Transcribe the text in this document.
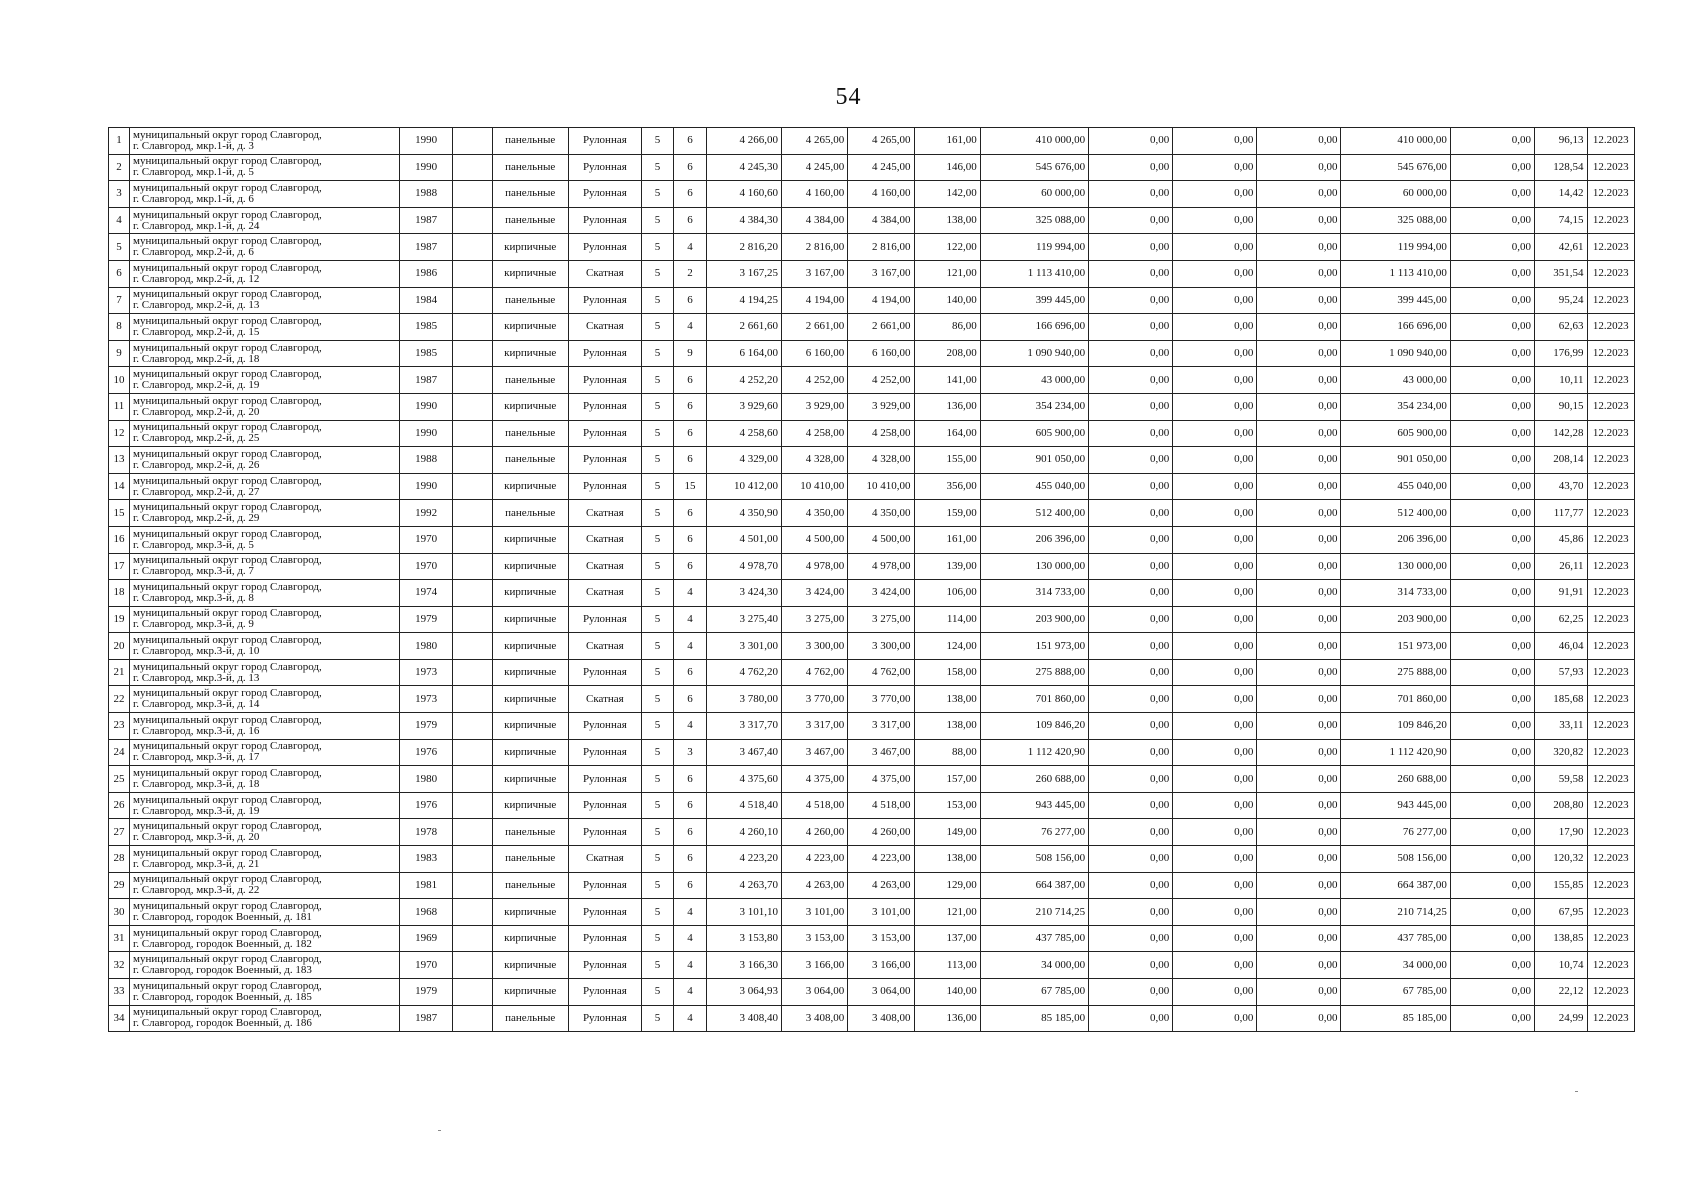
54
1	муниципальный округ город Славгород,
г. Славгород, мкр.1-й, д. 3	1990		панельные	Рулонная	5	6	4 266,00	4 265,00	4 265,00	161,00	410 000,00	0,00	0,00	0,00	410 000,00	0,00	96,13	12.2023
2	муниципальный округ город Славгород,
г. Славгород, мкр.1-й, д. 5	1990		панельные	Рулонная	5	6	4 245,30	4 245,00	4 245,00	146,00	545 676,00	0,00	0,00	0,00	545 676,00	0,00	128,54	12.2023
3	муниципальный округ город Славгород,
г. Славгород, мкр.1-й, д. 6	1988		панельные	Рулонная	5	6	4 160,60	4 160,00	4 160,00	142,00	60 000,00	0,00	0,00	0,00	60 000,00	0,00	14,42	12.2023
4	муниципальный округ город Славгород,
г. Славгород, мкр.1-й, д. 24	1987		панельные	Рулонная	5	6	4 384,30	4 384,00	4 384,00	138,00	325 088,00	0,00	0,00	0,00	325 088,00	0,00	74,15	12.2023
5	муниципальный округ город Славгород,
г. Славгород, мкр.2-й, д. 6	1987		кирпичные	Рулонная	5	4	2 816,20	2 816,00	2 816,00	122,00	119 994,00	0,00	0,00	0,00	119 994,00	0,00	42,61	12.2023
6	муниципальный округ город Славгород,
г. Славгород, мкр.2-й, д. 12	1986		кирпичные	Скатная	5	2	3 167,25	3 167,00	3 167,00	121,00	1 113 410,00	0,00	0,00	0,00	1 113 410,00	0,00	351,54	12.2023
7	муниципальный округ город Славгород,
г. Славгород, мкр.2-й, д. 13	1984		панельные	Рулонная	5	6	4 194,25	4 194,00	4 194,00	140,00	399 445,00	0,00	0,00	0,00	399 445,00	0,00	95,24	12.2023
8	муниципальный округ город Славгород,
г. Славгород, мкр.2-й, д. 15	1985		кирпичные	Скатная	5	4	2 661,60	2 661,00	2 661,00	86,00	166 696,00	0,00	0,00	0,00	166 696,00	0,00	62,63	12.2023
9	муниципальный округ город Славгород,
г. Славгород, мкр.2-й, д. 18	1985		кирпичные	Рулонная	5	9	6 164,00	6 160,00	6 160,00	208,00	1 090 940,00	0,00	0,00	0,00	1 090 940,00	0,00	176,99	12.2023
10	муниципальный округ город Славгород,
г. Славгород, мкр.2-й, д. 19	1987		панельные	Рулонная	5	6	4 252,20	4 252,00	4 252,00	141,00	43 000,00	0,00	0,00	0,00	43 000,00	0,00	10,11	12.2023
11	муниципальный округ город Славгород,
г. Славгород, мкр.2-й, д. 20	1990		кирпичные	Рулонная	5	6	3 929,60	3 929,00	3 929,00	136,00	354 234,00	0,00	0,00	0,00	354 234,00	0,00	90,15	12.2023
12	муниципальный округ город Славгород,
г. Славгород, мкр.2-й, д. 25	1990		панельные	Рулонная	5	6	4 258,60	4 258,00	4 258,00	164,00	605 900,00	0,00	0,00	0,00	605 900,00	0,00	142,28	12.2023
13	муниципальный округ город Славгород,
г. Славгород, мкр.2-й, д. 26	1988		панельные	Рулонная	5	6	4 329,00	4 328,00	4 328,00	155,00	901 050,00	0,00	0,00	0,00	901 050,00	0,00	208,14	12.2023
14	муниципальный округ город Славгород,
г. Славгород, мкр.2-й, д. 27	1990		кирпичные	Рулонная	5	15	10 412,00	10 410,00	10 410,00	356,00	455 040,00	0,00	0,00	0,00	455 040,00	0,00	43,70	12.2023
15	муниципальный округ город Славгород,
г. Славгород, мкр.2-й, д. 29	1992		панельные	Скатная	5	6	4 350,90	4 350,00	4 350,00	159,00	512 400,00	0,00	0,00	0,00	512 400,00	0,00	117,77	12.2023
16	муниципальный округ город Славгород,
г. Славгород, мкр.3-й, д. 5	1970		кирпичные	Скатная	5	6	4 501,00	4 500,00	4 500,00	161,00	206 396,00	0,00	0,00	0,00	206 396,00	0,00	45,86	12.2023
17	муниципальный округ город Славгород,
г. Славгород, мкр.3-й, д. 7	1970		кирпичные	Скатная	5	6	4 978,70	4 978,00	4 978,00	139,00	130 000,00	0,00	0,00	0,00	130 000,00	0,00	26,11	12.2023
18	муниципальный округ город Славгород,
г. Славгород, мкр.3-й, д. 8	1974		кирпичные	Скатная	5	4	3 424,30	3 424,00	3 424,00	106,00	314 733,00	0,00	0,00	0,00	314 733,00	0,00	91,91	12.2023
19	муниципальный округ город Славгород,
г. Славгород, мкр.3-й, д. 9	1979		кирпичные	Рулонная	5	4	3 275,40	3 275,00	3 275,00	114,00	203 900,00	0,00	0,00	0,00	203 900,00	0,00	62,25	12.2023
20	муниципальный округ город Славгород,
г. Славгород, мкр.3-й, д. 10	1980		кирпичные	Скатная	5	4	3 301,00	3 300,00	3 300,00	124,00	151 973,00	0,00	0,00	0,00	151 973,00	0,00	46,04	12.2023
21	муниципальный округ город Славгород,
г. Славгород, мкр.3-й, д. 13	1973		кирпичные	Рулонная	5	6	4 762,20	4 762,00	4 762,00	158,00	275 888,00	0,00	0,00	0,00	275 888,00	0,00	57,93	12.2023
22	муниципальный округ город Славгород,
г. Славгород, мкр.3-й, д. 14	1973		кирпичные	Скатная	5	6	3 780,00	3 770,00	3 770,00	138,00	701 860,00	0,00	0,00	0,00	701 860,00	0,00	185,68	12.2023
23	муниципальный округ город Славгород,
г. Славгород, мкр.3-й, д. 16	1979		кирпичные	Рулонная	5	4	3 317,70	3 317,00	3 317,00	138,00	109 846,20	0,00	0,00	0,00	109 846,20	0,00	33,11	12.2023
24	муниципальный округ город Славгород,
г. Славгород, мкр.3-й, д. 17	1976		кирпичные	Рулонная	5	3	3 467,40	3 467,00	3 467,00	88,00	1 112 420,90	0,00	0,00	0,00	1 112 420,90	0,00	320,82	12.2023
25	муниципальный округ город Славгород,
г. Славгород, мкр.3-й, д. 18	1980		кирпичные	Рулонная	5	6	4 375,60	4 375,00	4 375,00	157,00	260 688,00	0,00	0,00	0,00	260 688,00	0,00	59,58	12.2023
26	муниципальный округ город Славгород,
г. Славгород, мкр.3-й, д. 19	1976		кирпичные	Рулонная	5	6	4 518,40	4 518,00	4 518,00	153,00	943 445,00	0,00	0,00	0,00	943 445,00	0,00	208,80	12.2023
27	муниципальный округ город Славгород,
г. Славгород, мкр.3-й, д. 20	1978		панельные	Рулонная	5	6	4 260,10	4 260,00	4 260,00	149,00	76 277,00	0,00	0,00	0,00	76 277,00	0,00	17,90	12.2023
28	муниципальный округ город Славгород,
г. Славгород, мкр.3-й, д. 21	1983		панельные	Скатная	5	6	4 223,20	4 223,00	4 223,00	138,00	508 156,00	0,00	0,00	0,00	508 156,00	0,00	120,32	12.2023
29	муниципальный округ город Славгород,
г. Славгород, мкр.3-й, д. 22	1981		панельные	Рулонная	5	6	4 263,70	4 263,00	4 263,00	129,00	664 387,00	0,00	0,00	0,00	664 387,00	0,00	155,85	12.2023
30	муниципальный округ город Славгород,
г. Славгород, городок Военный, д. 181	1968		кирпичные	Рулонная	5	4	3 101,10	3 101,00	3 101,00	121,00	210 714,25	0,00	0,00	0,00	210 714,25	0,00	67,95	12.2023
31	муниципальный округ город Славгород,
г. Славгород, городок Военный, д. 182	1969		кирпичные	Рулонная	5	4	3 153,80	3 153,00	3 153,00	137,00	437 785,00	0,00	0,00	0,00	437 785,00	0,00	138,85	12.2023
32	муниципальный округ город Славгород,
г. Славгород, городок Военный, д. 183	1970		кирпичные	Рулонная	5	4	3 166,30	3 166,00	3 166,00	113,00	34 000,00	0,00	0,00	0,00	34 000,00	0,00	10,74	12.2023
33	муниципальный округ город Славгород,
г. Славгород, городок Военный, д. 185	1979		кирпичные	Рулонная	5	4	3 064,93	3 064,00	3 064,00	140,00	67 785,00	0,00	0,00	0,00	67 785,00	0,00	22,12	12.2023
34	муниципальный округ город Славгород,
г. Славгород, городок Военный, д. 186	1987		панельные	Рулонная	5	4	3 408,40	3 408,00	3 408,00	136,00	85 185,00	0,00	0,00	0,00	85 185,00	0,00	24,99	12.2023
